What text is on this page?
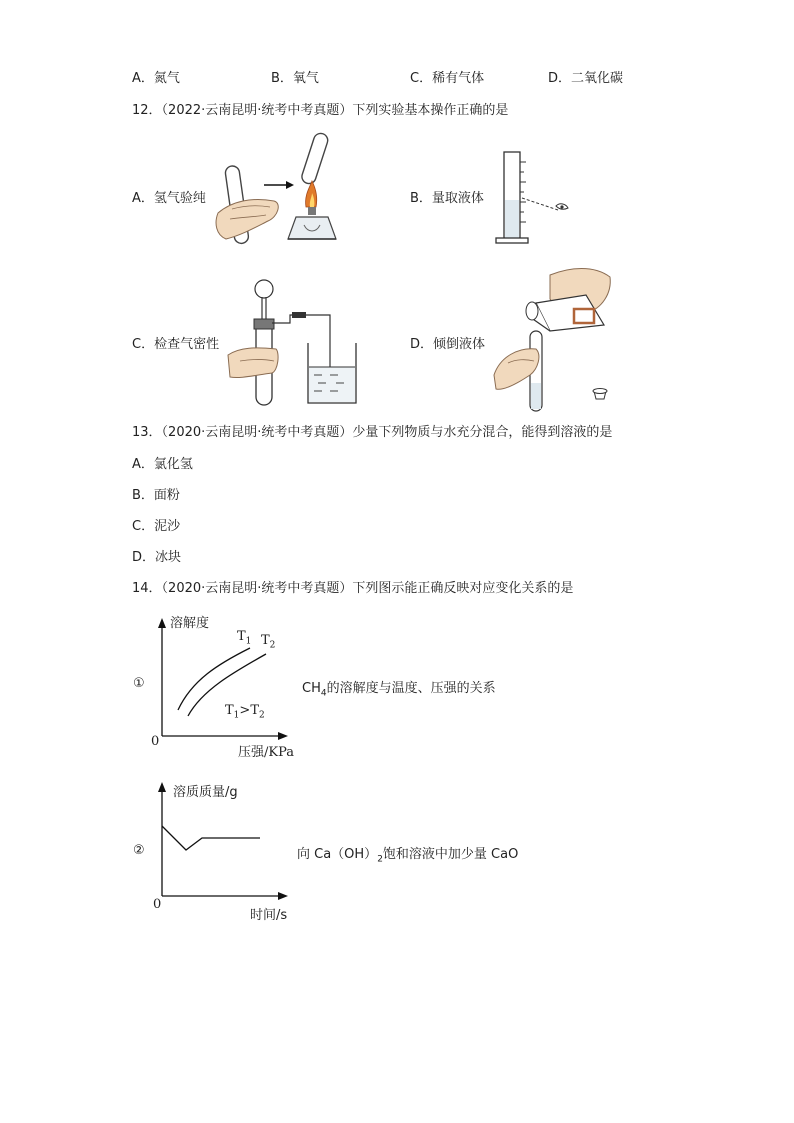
A．氮气	B．氧气	C．稀有气体	D．二氧化碳
12．（2022·云南昆明·统考中考真题）下列实验基本操作正确的是
A．氢气验纯	B．量取液体
C．检查气密性	D．倾倒液体
13．（2020·云南昆明·统考中考真题）少量下列物质与水充分混合，能得到溶液的是
A．氯化氢
B．面粉
C．泥沙
D．冰块
14．（2020·云南昆明·统考中考真题）下列图示能正确反映对应变化关系的是
①
溶解度
$T_1$ $T_2$
$T_1>T_2$
0
压强/KPa
$CH_4$的溶解度与温度、压强的关系
②
溶质质量/g
0
时间/s
向 $Ca(OH)_2$饱和溶液中加少量 CaO
